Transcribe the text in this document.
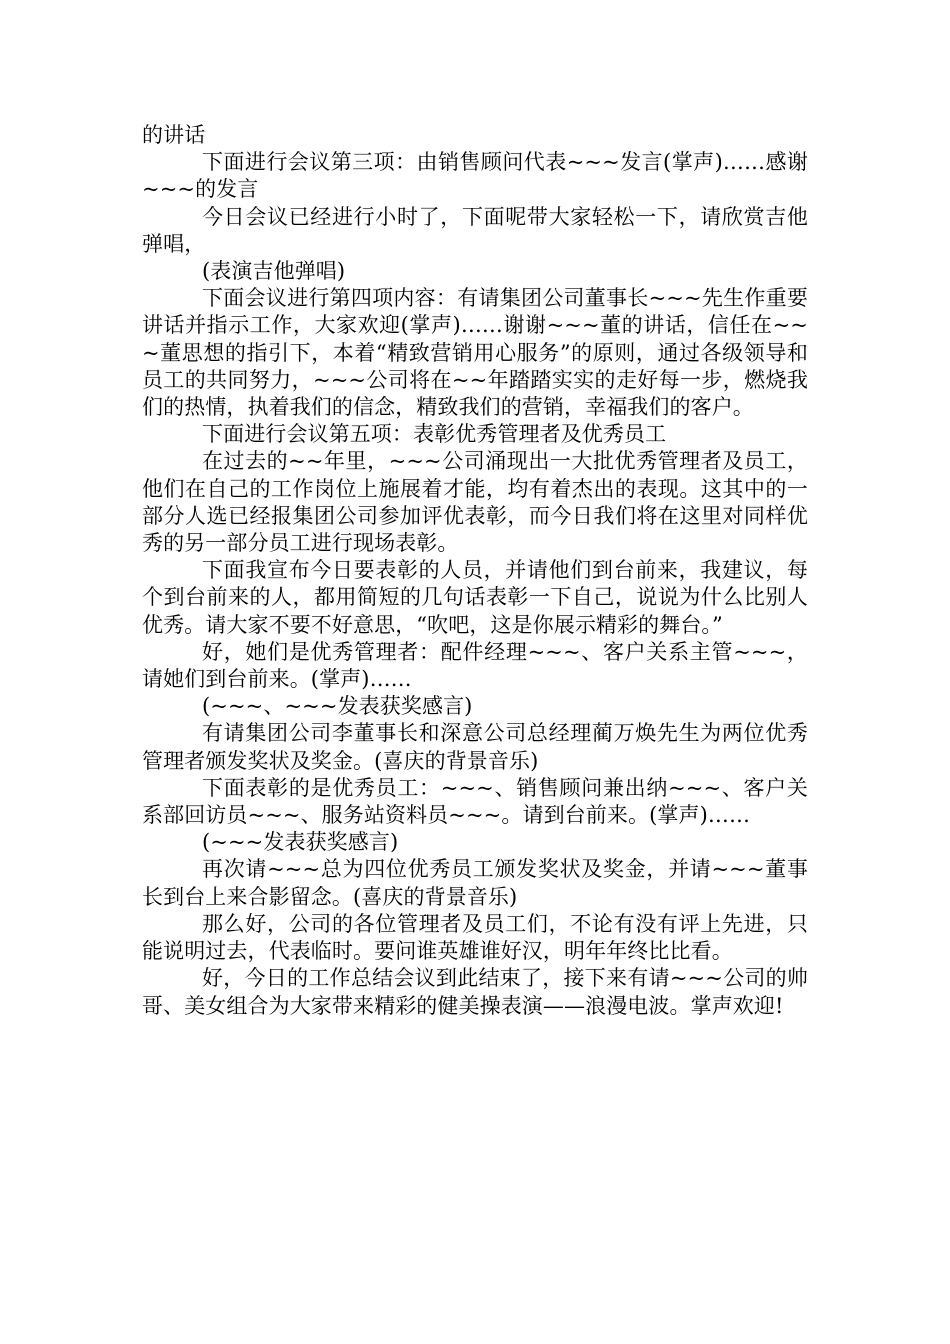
的讲话

下面进行会议第三项：由销售顾问代表~~~发言(掌声)……感谢~~~的发言

今日会议已经进行小时了，下面呢带大家轻松一下，请欣赏吉他弹唱，

(表演吉他弹唱)

下面会议进行第四项内容：有请集团公司董事长~~~先生作重要讲话并指示工作，大家欢迎(掌声)……谢谢~~~董的讲话，信任在~~~董思想的指引下，本着“精致营销用心服务”的原则，通过各级领导和员工的共同努力，~~~公司将在~~年踏踏实实的走好每一步，燃烧我们的热情，执着我们的信念，精致我们的营销，幸福我们的客户。

下面进行会议第五项：表彰优秀管理者及优秀员工

在过去的~~年里，~~~公司涌现出一大批优秀管理者及员工，他们在自己的工作岗位上施展着才能，均有着杰出的表现。这其中的一部分人选已经报集团公司参加评优表彰，而今日我们将在这里对同样优秀的另一部分员工进行现场表彰。

下面我宣布今日要表彰的人员，并请他们到台前来，我建议，每个到台前来的人，都用简短的几句话表彰一下自己，说说为什么比别人优秀。请大家不要不好意思，“吹吧，这是你展示精彩的舞台。”

好，她们是优秀管理者：配件经理~~~、客户关系主管~~~，请她们到台前来。(掌声)……

(~~~、~~~发表获奖感言)

有请集团公司李董事长和深意公司总经理蔺万焕先生为两位优秀管理者颁发奖状及奖金。(喜庆的背景音乐)

下面表彰的是优秀员工：~~~、销售顾问兼出纳~~~、客户关系部回访员~~~、服务站资料员~~~。请到台前来。(掌声)……

(~~~发表获奖感言)

再次请~~~总为四位优秀员工颁发奖状及奖金，并请~~~董事长到台上来合影留念。(喜庆的背景音乐)

那么好，公司的各位管理者及员工们，不论有没有评上先进，只能说明过去，代表临时。要问谁英雄谁好汉，明年年终比比看。

好，今日的工作总结会议到此结束了，接下来有请~~~公司的帅哥、美女组合为大家带来精彩的健美操表演——浪漫电波。掌声欢迎!
